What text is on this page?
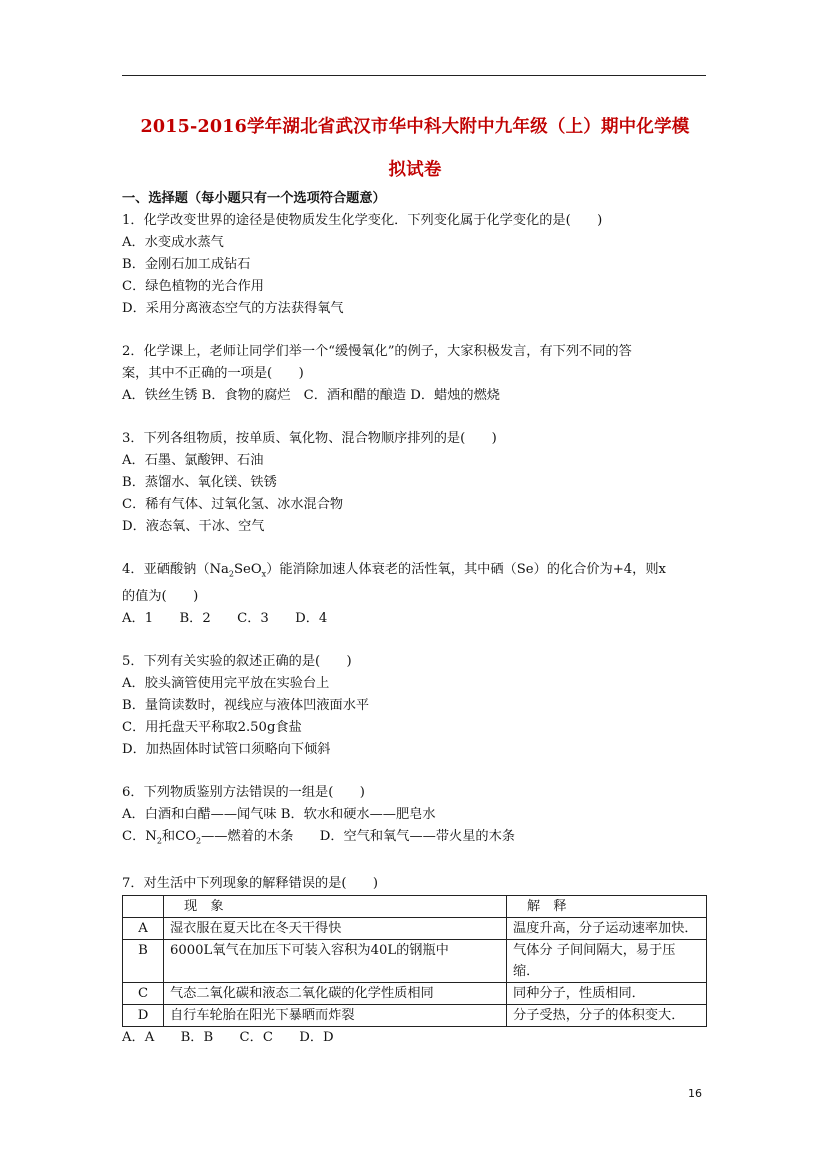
2015-2016学年湖北省武汉市华中科大附中九年级（上）期中化学模
拟试卷
一、选择题（每小题只有一个选项符合题意）
1．化学改变世界的途径是使物质发生化学变化．下列变化属于化学变化的是(　　)
A．水变成水蒸气
B．金刚石加工成钻石
C．绿色植物的光合作用
D．采用分离液态空气的方法获得氧气
2．化学课上，老师让同学们举一个“缓慢氧化”的例子，大家积极发言，有下列不同的答
案，其中不正确的一项是(　　)
A．铁丝生锈 B．食物的腐烂　C．酒和醋的酿造 D．蜡烛的燃烧
3．下列各组物质，按单质、氧化物、混合物顺序排列的是(　　)
A．石墨、氯酸钾、石油
B．蒸馏水、氧化镁、铁锈
C．稀有气体、过氧化氢、冰水混合物
D．液态氧、干冰、空气
4．亚硒酸钠$(Na_2SeO_x)$能消除加速人体衰老的活性氧，其中硒（Se）的化合价为+4，则x
的值为(　　)
A．1　　B．2　　C．3　　D．4
5．下列有关实验的叙述正确的是(　　)
A．胶头滴管使用完平放在实验台上
B．量筒读数时，视线应与液体凹液面水平
C．用托盘天平称取2.50g食盐
D．加热固体时试管口须略向下倾斜
6．下列物质鉴别方法错误的一组是(　　)
A．白酒和白醋——闻气味 B．软水和硬水——肥皂水
C．$N_2$和$CO_2——$燃着的木条　　D．空气和氧气——带火星的木条
7．对生活中下列现象的解释错误的是(　　)
	现　象	解　释
A	湿衣服在夏天比在冬天干得快	温度升高，分子运动速率加快．
B	6000L氧气在加压下可装入容积为40L的钢瓶中	气体分 子间间隔大，易于压缩．
C	气态二氧化碳和液态二氧化碳的化学性质相同	同种分子，性质相同．
D	自行车轮胎在阳光下暴晒而炸裂	分子受热，分子的体积变大．
A．A　　B．B　　C．C　　D．D
16
